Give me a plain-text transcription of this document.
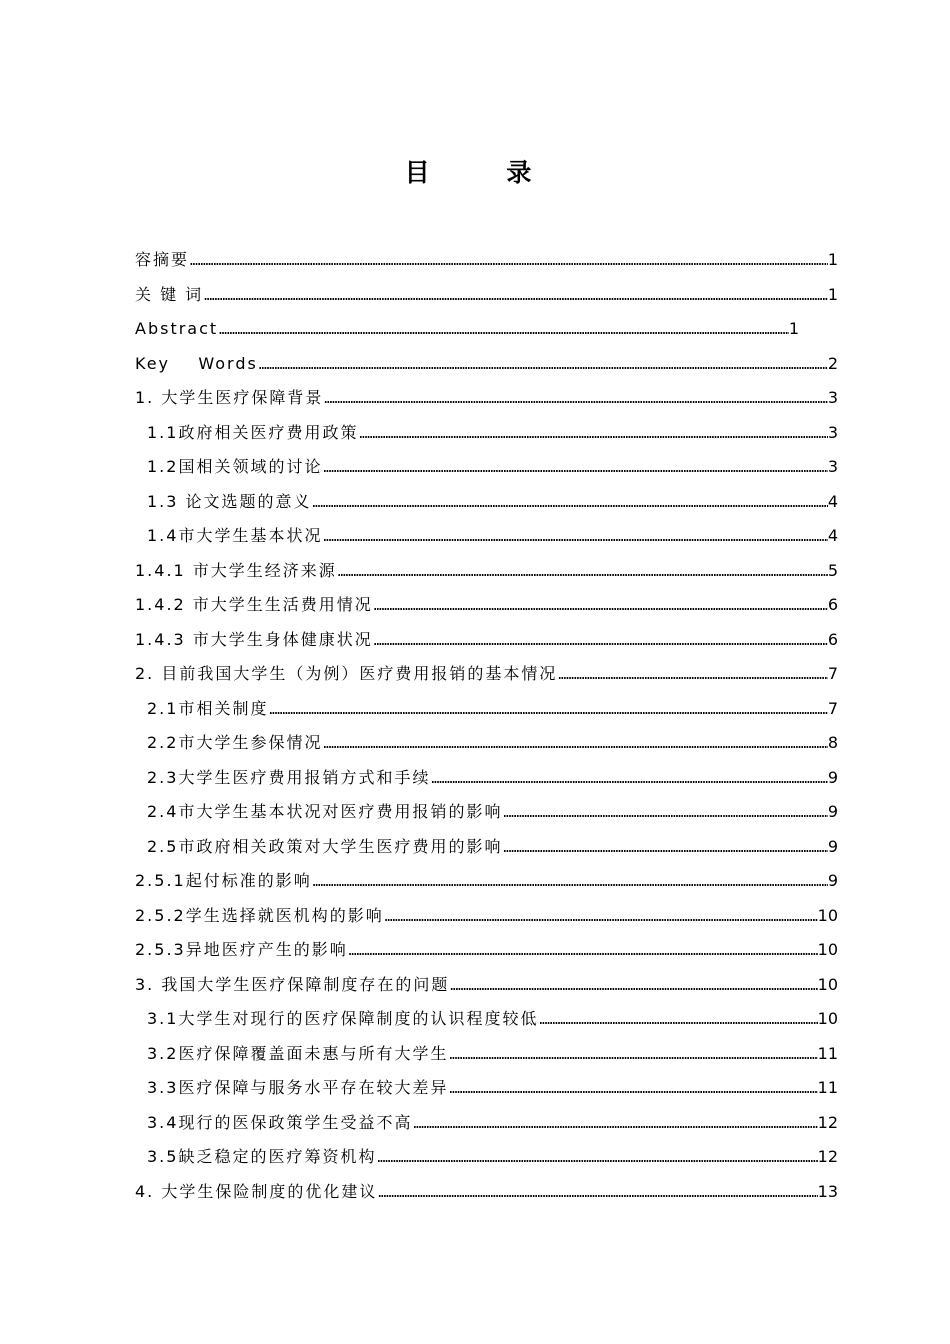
目 录
容摘要 …………………………………………………………………………………………………………………………………………………………………………………………………………………………………………………………………………	1
关 键 词 …………………………………………………………………………………………………………………………………………………………………………………………………………………………………………………………………………	1
Abstract …………………………………………………………………………………………………………………………………………………………………………………………………………………………………………………………………………	1
Key    Words …………………………………………………………………………………………………………………………………………………………………………………………………………………………………………………………………………	2
1. 大学生医疗保障背景 …………………………………………………………………………………………………………………………………………………………………………………………………………………………………………………………………………	3
1.1政府相关医疗费用政策 …………………………………………………………………………………………………………………………………………………………………………………………………………………………………………………………………………	3
1.2国相关领域的讨论 …………………………………………………………………………………………………………………………………………………………………………………………………………………………………………………………………………	3
1.3 论文选题的意义 …………………………………………………………………………………………………………………………………………………………………………………………………………………………………………………………………………	4
1.4市大学生基本状况 …………………………………………………………………………………………………………………………………………………………………………………………………………………………………………………………………………	4
1.4.1 市大学生经济来源 …………………………………………………………………………………………………………………………………………………………………………………………………………………………………………………………………………	5
1.4.2 市大学生生活费用情况 …………………………………………………………………………………………………………………………………………………………………………………………………………………………………………………………………………	6
1.4.3 市大学生身体健康状况 …………………………………………………………………………………………………………………………………………………………………………………………………………………………………………………………………………	6
2. 目前我国大学生（为例）医疗费用报销的基本情况 …………………………………………………………………………………………………………………………………………………………………………………………………………………………………………………………………………	7
2.1市相关制度 …………………………………………………………………………………………………………………………………………………………………………………………………………………………………………………………………………	7
2.2市大学生参保情况 …………………………………………………………………………………………………………………………………………………………………………………………………………………………………………………………………………	8
2.3大学生医疗费用报销方式和手续 …………………………………………………………………………………………………………………………………………………………………………………………………………………………………………………………………………	9
2.4市大学生基本状况对医疗费用报销的影响 …………………………………………………………………………………………………………………………………………………………………………………………………………………………………………………………………………	9
2.5市政府相关政策对大学生医疗费用的影响 …………………………………………………………………………………………………………………………………………………………………………………………………………………………………………………………………………	9
2.5.1起付标准的影响 …………………………………………………………………………………………………………………………………………………………………………………………………………………………………………………………………………	9
2.5.2学生选择就医机构的影响 …………………………………………………………………………………………………………………………………………………………………………………………………………………………………………………………………………	10
2.5.3异地医疗产生的影响 …………………………………………………………………………………………………………………………………………………………………………………………………………………………………………………………………………	10
3. 我国大学生医疗保障制度存在的问题 …………………………………………………………………………………………………………………………………………………………………………………………………………………………………………………………………………	10
3.1大学生对现行的医疗保障制度的认识程度较低 …………………………………………………………………………………………………………………………………………………………………………………………………………………………………………………………………………	10
3.2医疗保障覆盖面未惠与所有大学生 …………………………………………………………………………………………………………………………………………………………………………………………………………………………………………………………………………	11
3.3医疗保障与服务水平存在较大差异 …………………………………………………………………………………………………………………………………………………………………………………………………………………………………………………………………………	11
3.4现行的医保政策学生受益不高 …………………………………………………………………………………………………………………………………………………………………………………………………………………………………………………………………………	12
3.5缺乏稳定的医疗筹资机构 …………………………………………………………………………………………………………………………………………………………………………………………………………………………………………………………………………	12
4. 大学生保险制度的优化建议 …………………………………………………………………………………………………………………………………………………………………………………………………………………………………………………………………………	13
